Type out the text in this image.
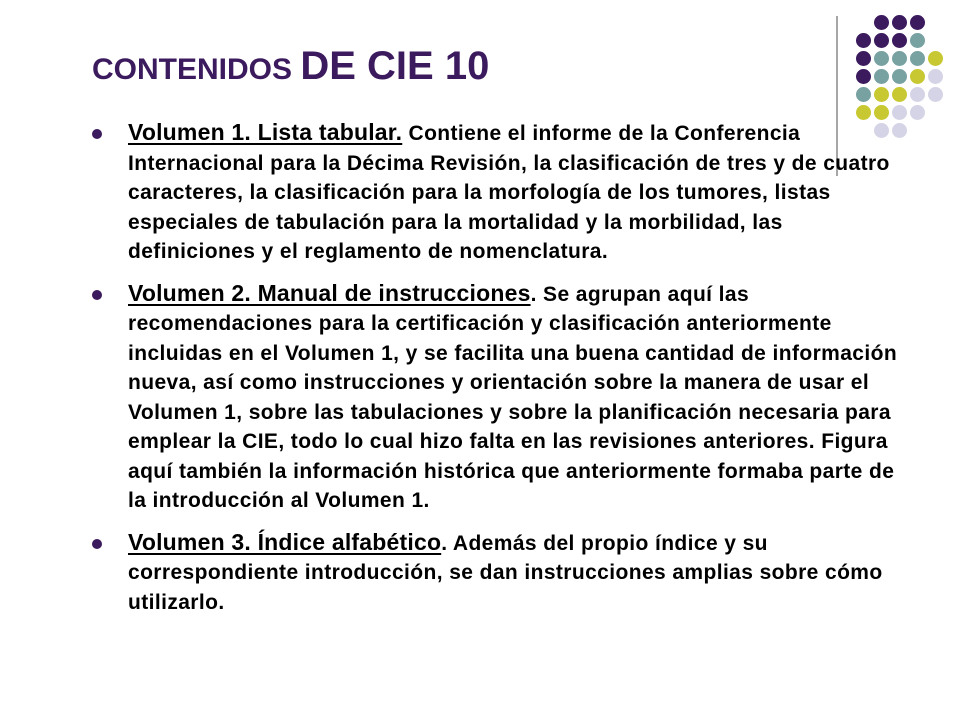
CONTENIDOS DE CIE 10
Volumen 1. Lista tabular. Contiene el informe de la Conferencia Internacional para la Décima Revisión, la clasificación de tres y de cuatro caracteres, la clasificación para la morfología de los tumores, listas especiales de tabulación para la mortalidad y la morbilidad, las definiciones y el reglamento de nomenclatura.
Volumen 2. Manual de instrucciones. Se agrupan aquí las recomendaciones para la certificación y clasificación anteriormente incluidas en el Volumen 1, y se facilita una buena cantidad de información nueva, así como instrucciones y orientación sobre la manera de usar el Volumen 1, sobre las tabulaciones y sobre la planificación necesaria para emplear la CIE, todo lo cual hizo falta en las revisiones anteriores. Figura aquí también la información histórica que anteriormente formaba parte de la introducción al Volumen 1.
Volumen 3. Índice alfabético. Además del propio índice y su correspondiente introducción, se dan instrucciones amplias sobre cómo utilizarlo.
